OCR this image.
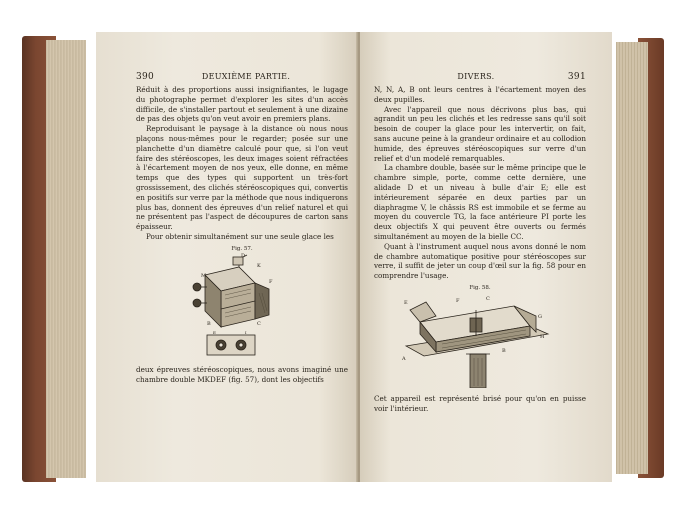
390	DEUXIÈME PARTIE.

Réduit à des proportions aussi insignifiantes, le lugage du photographe permet d'explorer les sites d'un accès difficile, de s'installer partout et seulement à une dizaine de pas des objets qu'on veut avoir en premiers plans.

Reproduisant le paysage à la distance où nous nous plaçons nous-mêmes pour le regarder; posée sur une planchette d'un diamètre calculé pour que, si l'on veut faire des stéréoscopes, les deux images soient réfractées à l'écartement moyen de nos yeux, elle donne, en même temps que des types qui supportent un très-fort grossissement, des clichés stéréoscopiques qui, convertis en positifs sur verre par la méthode que nous indiquerons plus bas, donnent des épreuves d'un relief naturel et qui ne présentent pas l'aspect de découpures de carton sans épaisseur.

Pour obtenir simultanément sur une seule glace les

Fig. 57.
D
K
M
F
B	C
E	I

deux épreuves stéréoscopiques, nous avons imaginé une chambre double MKDEF (fig. 57), dont les objectifs

DIVERS.	391

N, N, A, B ont leurs centres à l'écartement moyen des deux pupilles.

Avec l'appareil que nous décrivons plus bas, qui agrandit un peu les clichés et les redresse sans qu'il soit besoin de couper la glace pour les intervertir, on fait, sans aucune peine à la grandeur ordinaire et au collodion humide, des épreuves stéréoscopiques sur verre d'un relief et d'un modelé remarquables.

La chambre double, basée sur le même principe que le chambre simple, porte, comme cette dernière, une alidade D et un niveau à bulle d'air E; elle est intérieurement séparée en deux parties par un diaphragme V, le châssis RS est immobile et se ferme au moyen du couvercle TG, la face antérieure PI porte les deux objectifs X qui peuvent être ouverts ou fermés simultanément au moyen de la bielle CC.

Quant à l'instrument auquel nous avons donné le nom de chambre automatique positive pour stéréoscopes sur verre, il suffit de jeter un coup d'œil sur la fig. 58 pour en comprendre l'usage.

Fig. 58.
E	F	C
G
A
B
H

Cet appareil est représenté brisé pour qu'on en puisse voir l'intérieur.
